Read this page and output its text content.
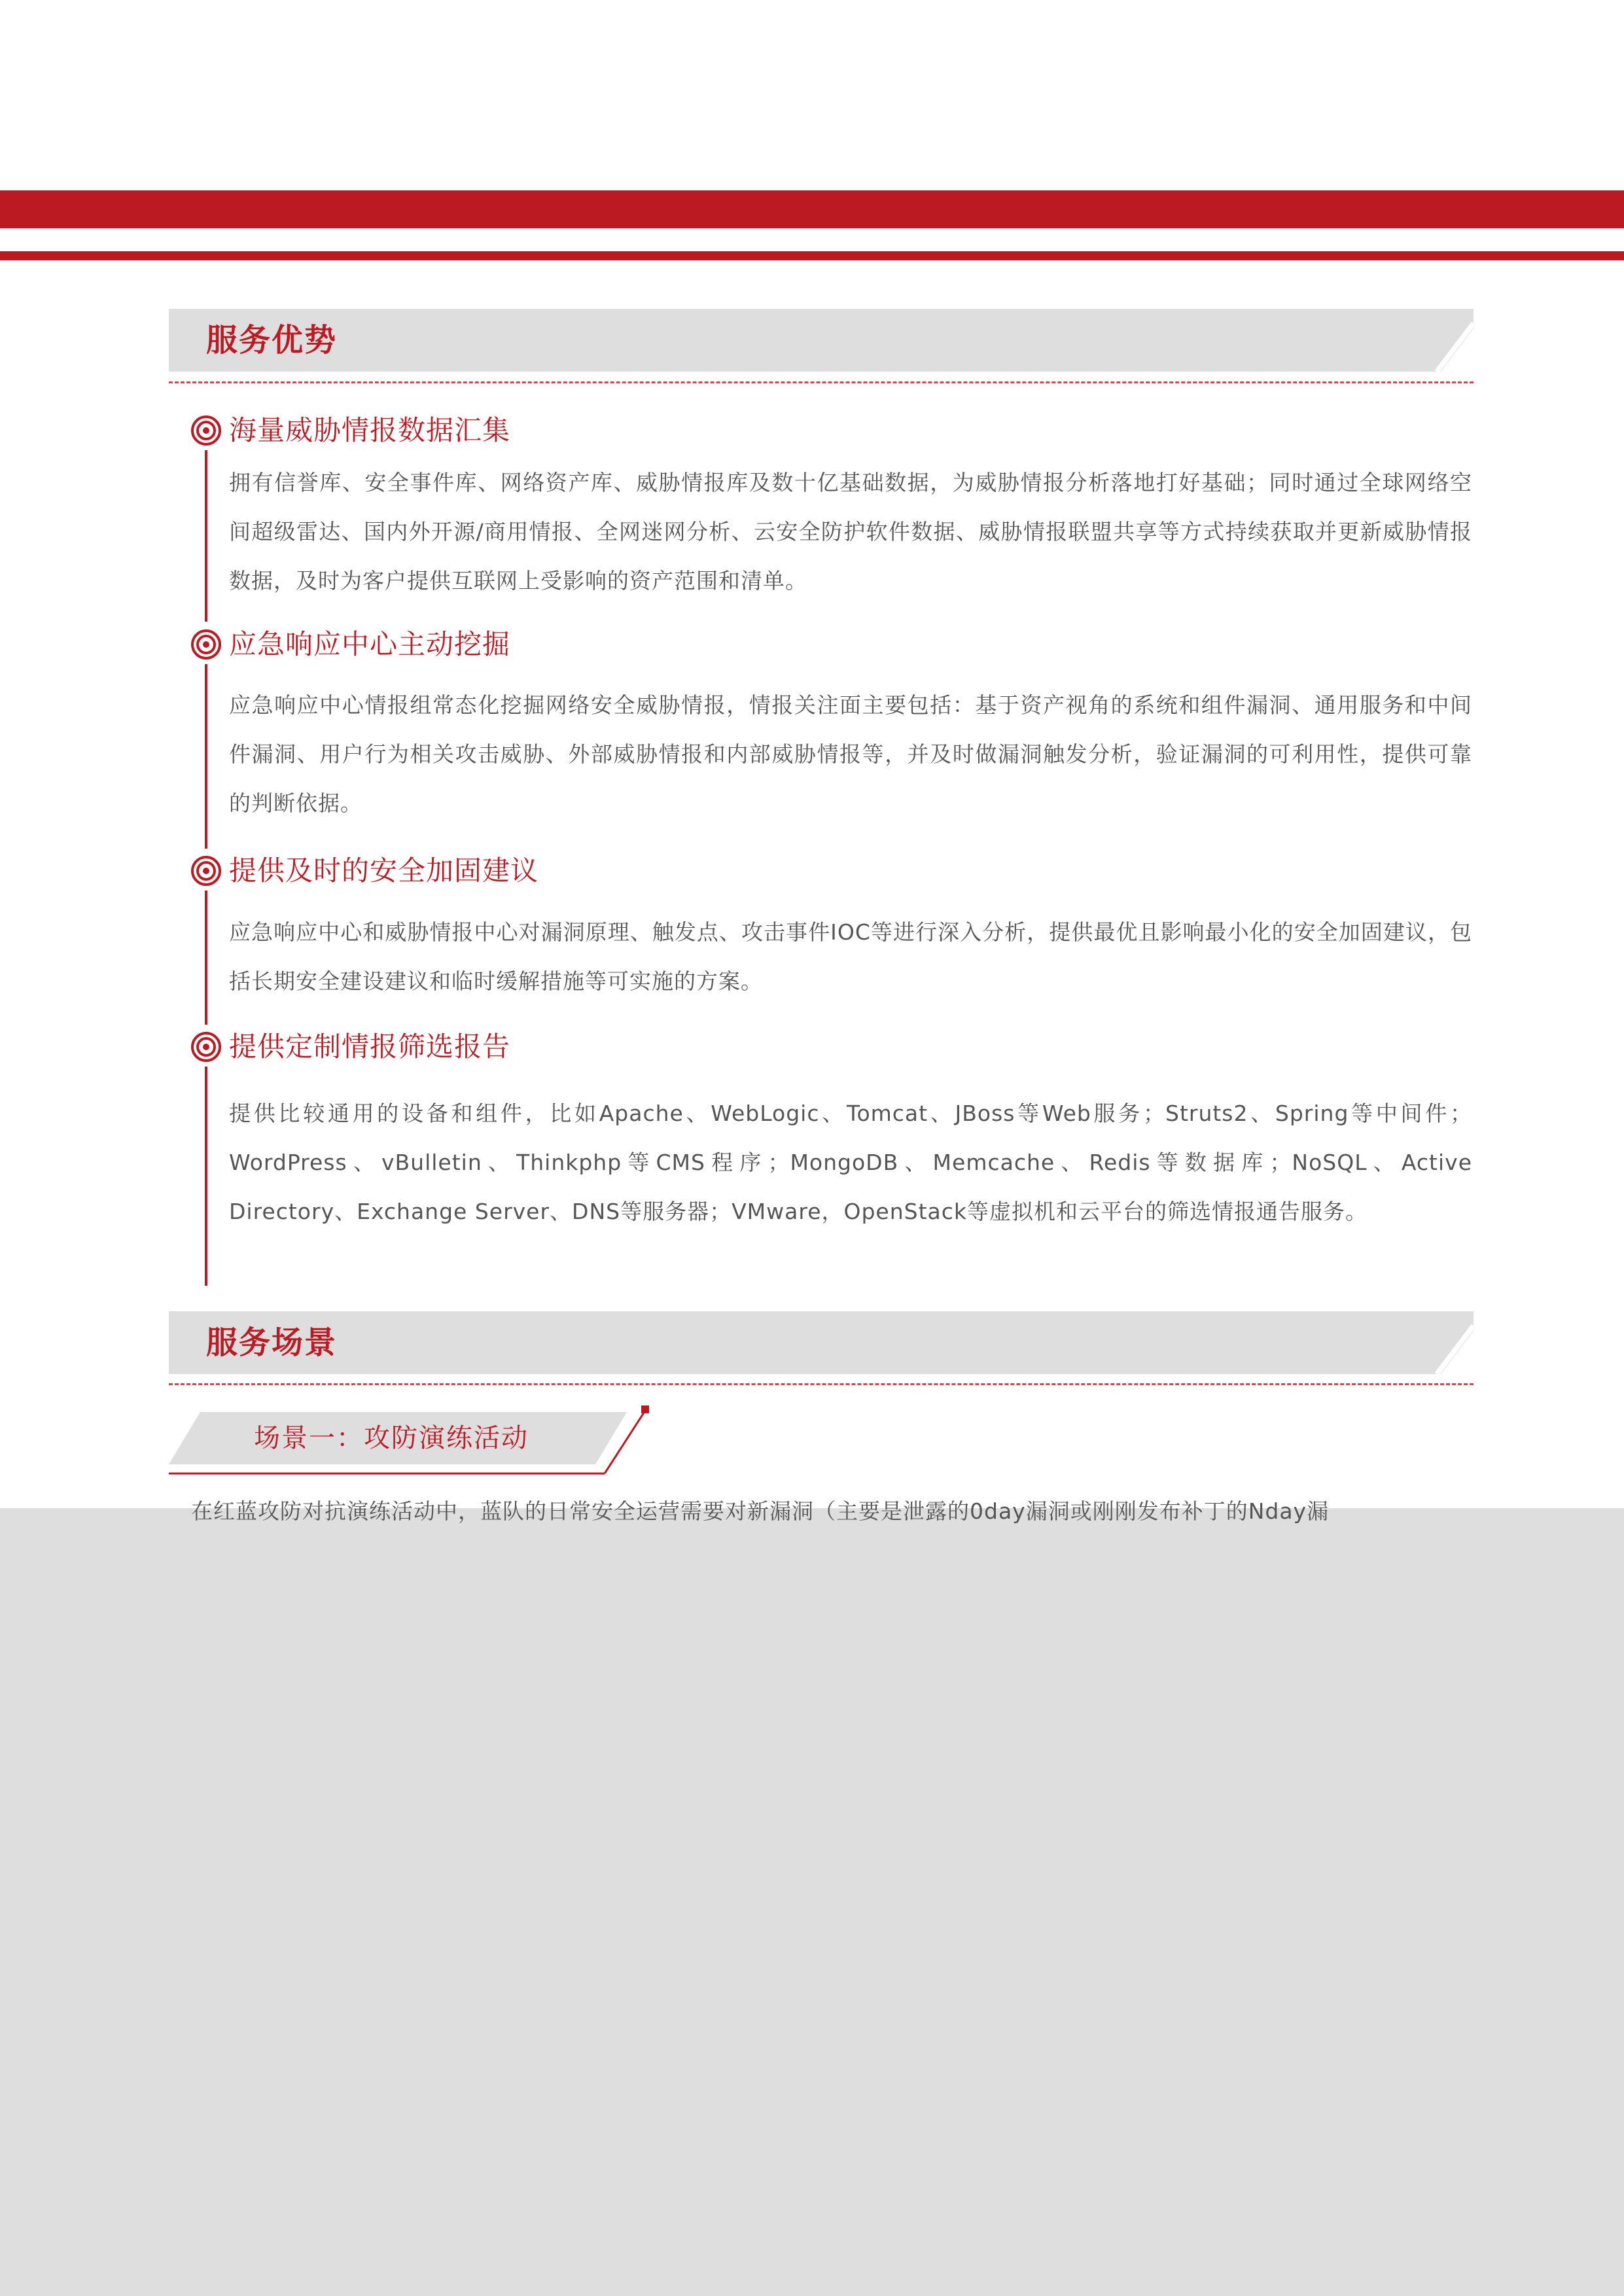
服务优势
海量威胁情报数据汇集

拥有信誉库、安全事件库、网络资产库、威胁情报库及数十亿基础数据，为威胁情报分析落地打好基础；同时通过全球网络空间超级雷达、国内外开源/商用情报、全网迷网分析、云安全防护软件数据、威胁情报联盟共享等方式持续获取并更新威胁情报数据，及时为客户提供互联网上受影响的资产范围和清单。

应急响应中心主动挖掘

应急响应中心情报组常态化挖掘网络安全威胁情报，情报关注面主要包括：基于资产视角的系统和组件漏洞、通用服务和中间件漏洞、用户行为相关攻击威胁、外部威胁情报和内部威胁情报等，并及时做漏洞触发分析，验证漏洞的可利用性，提供可靠的判断依据。

提供及时的安全加固建议

应急响应中心和威胁情报中心对漏洞原理、触发点、攻击事件IOC等进行深入分析，提供最优且影响最小化的安全加固建议，包括长期安全建设建议和临时缓解措施等可实施的方案。

提供定制情报筛选报告

提供比较通用的设备和组件，比如Apache、WebLogic、Tomcat、JBoss等Web服务；Struts2、Spring等中间件；WordPress、vBulletin、Thinkphp等CMS程序；MongoDB、Memcache、Redis等数据库；NoSQL、Active Directory、Exchange Server、DNS等服务器；VMware，OpenStack等虚拟机和云平台的筛选情报通告服务。

服务场景
场景一：攻防演练活动

在红蓝攻防对抗演练活动中，蓝队的日常安全运营需要对新漏洞（主要是泄露的0day漏洞或刚刚发布补丁的Nday漏
